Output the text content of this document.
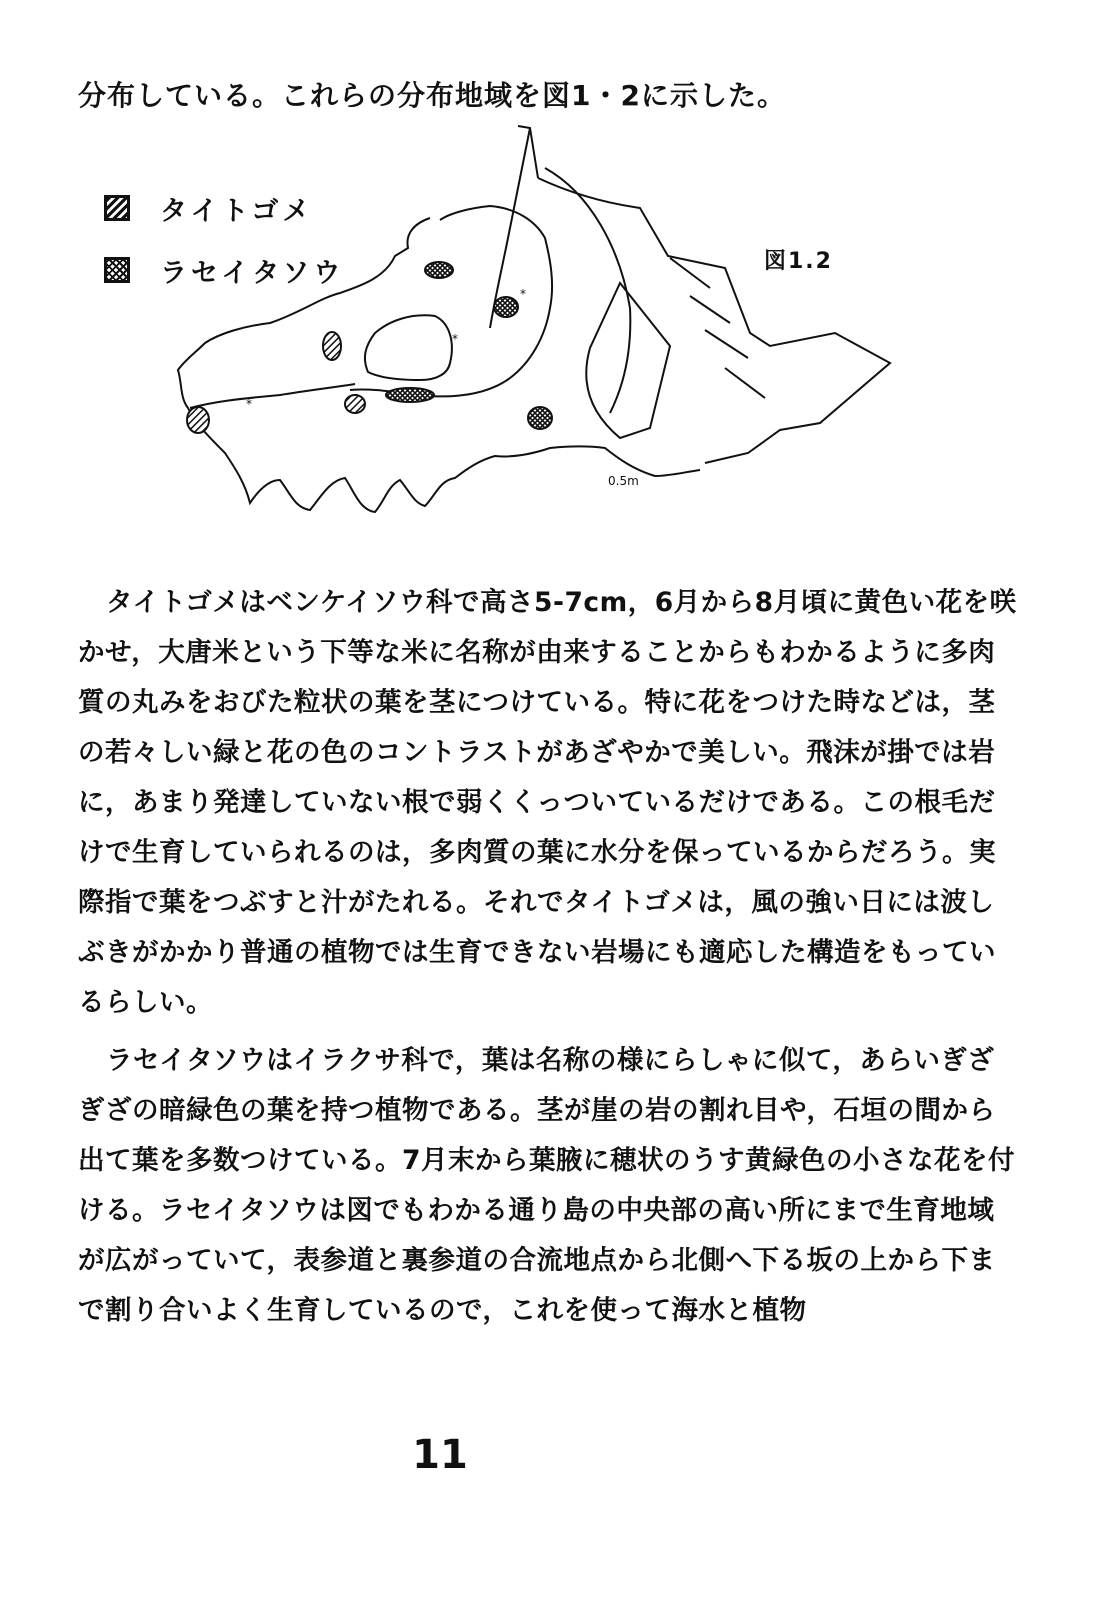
分布している。これらの分布地域を図1・2に示した。
タイトゴメ
ラセイタソウ	図1.2
*
*
*
0.5m

タイトゴメはベンケイソウ科で高さ5-7cm，6月から8月頃に黄色い花を咲かせ，大唐米という下等な米に名称が由来することからもわかるように多肉質の丸みをおびた粒状の葉を茎につけている。特に花をつけた時などは，茎の若々しい緑と花の色のコントラストがあざやかで美しい。飛沫が掛では岩に，あまり発達していない根で弱くくっついているだけである。この根毛だけで生育していられるのは，多肉質の葉に水分を保っているからだろう。実際指で葉をつぶすと汁がたれる。それでタイトゴメは，風の強い日には波しぶきがかかり普通の植物では生育できない岩場にも適応した構造をもっているらしい。

ラセイタソウはイラクサ科で，葉は名称の様にらしゃに似て，あらいぎざぎざの暗緑色の葉を持つ植物である。茎が崖の岩の割れ目や，石垣の間から出て葉を多数つけている。7月末から葉腋に穂状のうす黄緑色の小さな花を付ける。ラセイタソウは図でもわかる通り島の中央部の高い所にまで生育地域が広がっていて，表参道と裏参道の合流地点から北側へ下る坂の上から下まで割り合いよく生育しているので，これを使って海水と植物

11
